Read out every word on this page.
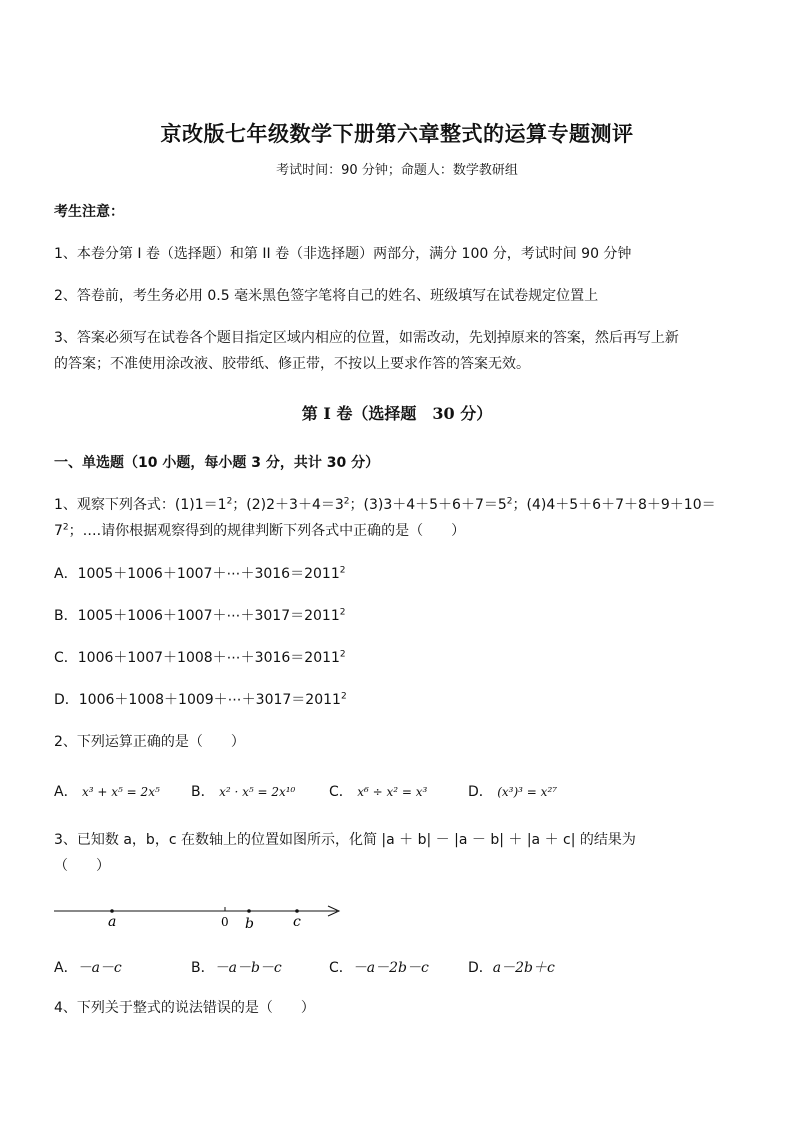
京改版七年级数学下册第六章整式的运算专题测评
考试时间：90 分钟；命题人：数学教研组
考生注意：
1、本卷分第 I 卷（选择题）和第 II 卷（非选择题）两部分，满分 100 分，考试时间 90 分钟
2、答卷前，考生务必用 0.5 毫米黑色签字笔将自己的姓名、班级填写在试卷规定位置上
3、答案必须写在试卷各个题目指定区域内相应的位置，如需改动，先划掉原来的答案，然后再写上新
的答案；不准使用涂改液、胶带纸、修正带，不按以上要求作答的答案无效。
第 I 卷（选择题　30 分）
一、单选题（10 小题，每小题 3 分，共计 30 分）
1、观察下列各式：$(1)1=1^2$；$(2)2+3+4=3^2$；$(3)3+4+5+6+7=5^2$；(4)4＋5＋6＋7＋8＋9＋10＝
$7^2$；….请你根据观察得到的规律判断下列各式中正确的是（　　）
A．$1005+1006+1007+\cdots+3016=2011^2$
B．$1005+1006+1007+\cdots+3017=2011^2$
C．$1006+1007+1008+\cdots+3016=2011^2$
D．$1006+1008+1009+\cdots+3017=2011^2$
2、下列运算正确的是（　　）
A． x³ + x⁵ = 2x⁵ B． x² · x⁵ = 2x¹⁰ C． x⁶ ÷ x² = x³	D． (x³)³ = x²⁷
3、已知数 a，b，c 在数轴上的位置如图所示，化简 |a ＋ b| － |a － b| ＋ |a ＋ c| 的结果为
（　　）
a	0 b	c
A．－a－c	B．－a－b－c	C．－a－2b－c	D．a－2b＋c
4、下列关于整式的说法错误的是（　　）
